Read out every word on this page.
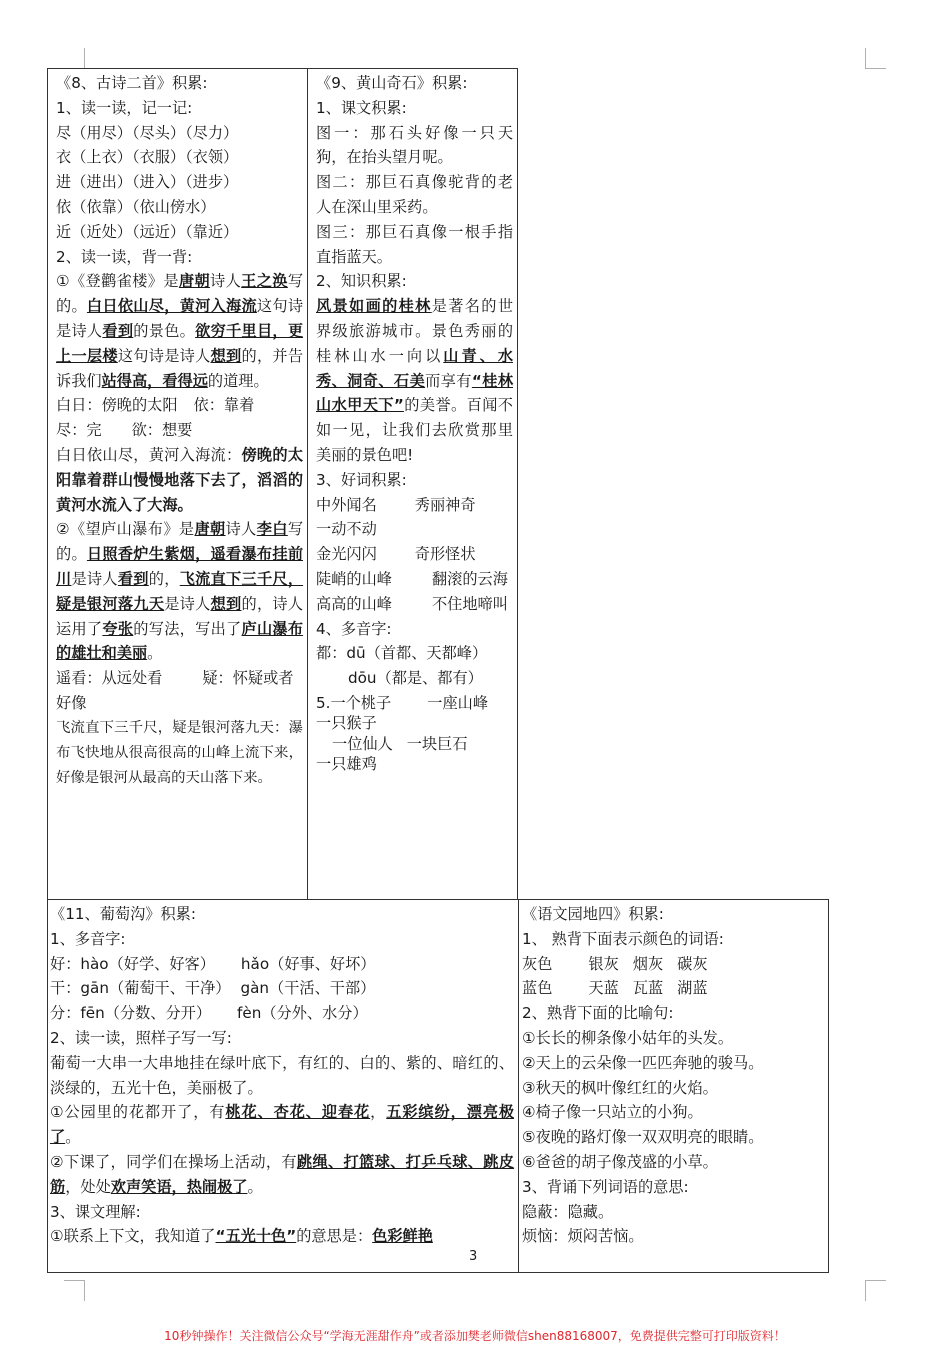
《8、古诗二首》积累:

1、读一读，记一记:

尽（用尽）（尽头）（尽力）

衣（上衣）（衣服）（衣领）

进（进出）（进入）（进步）

依（依靠）（依山傍水）

近（近处）（远近）（靠近）

2、读一读，背一背:

①《登鹳雀楼》是唐朝诗人王之涣写的。白日依山尽，黄河入海流这句诗是诗人看到的景色。欲穷千里目，更上一层楼这句诗是诗人想到的，并告诉我们站得高，看得远的道理。

白日：傍晚的太阳 依：靠着

尽：完 欲：想要

白日依山尽，黄河入海流：傍晚的太阳靠着群山慢慢地落下去了，滔滔的黄河水流入了大海。

②《望庐山瀑布》是唐朝诗人李白写的。日照香炉生紫烟，遥看瀑布挂前川是诗人看到的，飞流直下三千尺，疑是银河落九天是诗人想到的，诗人运用了夸张的写法，写出了庐山瀑布的雄壮和美丽。

遥看：从远处看	疑：怀疑或者好像

飞流直下三千尺，疑是银河落九天：瀑布飞快地从很高很高的山峰上流下来，好像是银河从最高的天山落下来。

《9、黄山奇石》积累:

1、课文积累:

图一：那石头好像一只天狗，在抬头望月呢。

图二：那巨石真像驼背的老人在深山里采药。

图三：那巨石真像一根手指直指蓝天。

2、知识积累:

风景如画的桂林是著名的世界级旅游城市。景色秀丽的桂林山水一向以山青、水秀、洞奇、石美而享有“桂林山水甲天下”的美誉。百闻不如一见，让我们去欣赏那里美丽的景色吧!

3、好词积累:

中外闻名	秀丽神奇

一动不动

金光闪闪	奇形怪状

陡峭的山峰	翻滚的云海

高高的山峰	不住地啼叫

4、多音字:

都：dū（首都、天都峰）

dōu（都是、都有）

5.一个桃子 一座山峰

一只猴子

一位仙人 一块巨石

一只雄鸡

《11、葡萄沟》积累:

1、多音字:

好：hào（好学、好客） hǎo（好事、好坏）

干：gān（葡萄干、干净） gàn（干活、干部）

分：fēn（分数、分开） fèn（分外、水分）

2、读一读，照样子写一写:

葡萄一大串一大串地挂在绿叶底下，有红的、白的、紫的、暗红的、淡绿的，五光十色，美丽极了。

①公园里的花都开了，有桃花、杏花、迎春花，五彩缤纷，漂亮极了。

②下课了，同学们在操场上活动，有跳绳、打篮球、打乒乓球、跳皮筋，处处欢声笑语，热闹极了。

3、课文理解:

①联系上下文，我知道了“五光十色”的意思是：色彩鲜艳

《语文园地四》积累:

1、 熟背下面表示颜色的词语:

灰色 银灰 烟灰 碳灰

蓝色 天蓝 瓦蓝 湖蓝

2、熟背下面的比喻句:

①长长的柳条像小姑年的头发。

②天上的云朵像一匹匹奔驰的骏马。

③秋天的枫叶像红红的火焰。

④椅子像一只站立的小狗。

⑤夜晚的路灯像一双双明亮的眼睛。

⑥爸爸的胡子像茂盛的小草。

3、背诵下列词语的意思:

隐蔽：隐藏。

烦恼：烦闷苦恼。

3
10秒钟操作！关注微信公众号“学海无涯甜作舟”或者添加樊老师微信shen88168007，免费提供完整可打印版资料！
